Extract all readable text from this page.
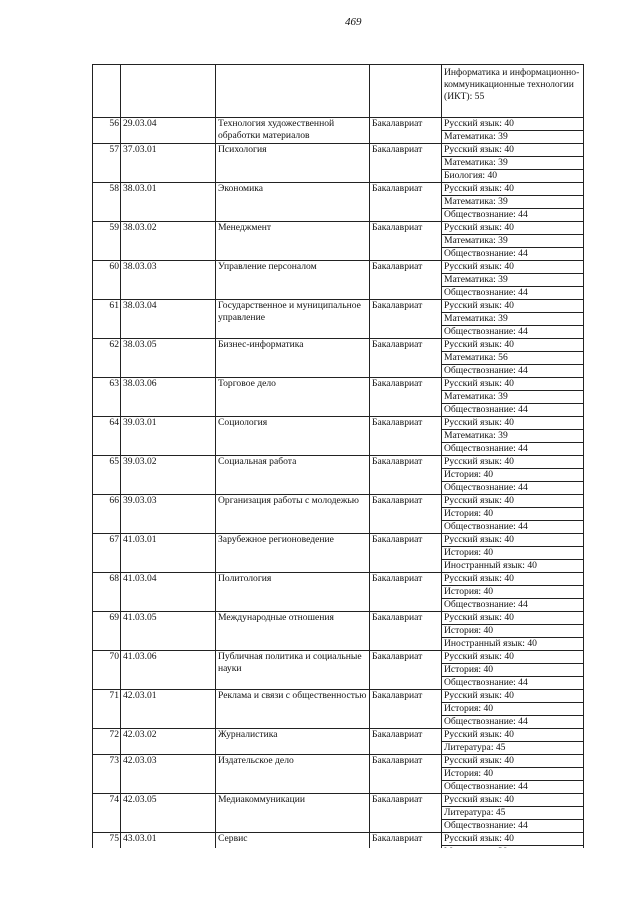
469
				Информатика и информационно-коммуникационные технологии (ИКТ): 55
56	29.03.04	Технология художественной обработки материалов	Бакалавриат	Русский язык: 40
				Математика: 39
57	37.03.01	Психология	Бакалавриат	Русский язык: 40
				Математика: 39
				Биология: 40
58	38.03.01	Экономика	Бакалавриат	Русский язык: 40
				Математика: 39
				Обществознание: 44
59	38.03.02	Менеджмент	Бакалавриат	Русский язык: 40
				Математика: 39
				Обществознание: 44
60	38.03.03	Управление персоналом	Бакалавриат	Русский язык: 40
				Математика: 39
				Обществознание: 44
61	38.03.04	Государственное и муниципальное управление	Бакалавриат	Русский язык: 40
				Математика: 39
				Обществознание: 44
62	38.03.05	Бизнес-информатика	Бакалавриат	Русский язык: 40
				Математика: 56
				Обществознание: 44
63	38.03.06	Торговое дело	Бакалавриат	Русский язык: 40
				Математика: 39
				Обществознание: 44
64	39.03.01	Социология	Бакалавриат	Русский язык: 40
				Математика: 39
				Обществознание: 44
65	39.03.02	Социальная работа	Бакалавриат	Русский язык: 40
				История: 40
				Обществознание: 44
66	39.03.03	Организация работы с молодежью	Бакалавриат	Русский язык: 40
				История: 40
				Обществознание: 44
67	41.03.01	Зарубежное регионоведение	Бакалавриат	Русский язык: 40
				История: 40
				Иностранный язык: 40
68	41.03.04	Политология	Бакалавриат	Русский язык: 40
				История: 40
				Обществознание: 44
69	41.03.05	Международные отношения	Бакалавриат	Русский язык: 40
				История: 40
				Иностранный язык: 40
70	41.03.06	Публичная политика и социальные науки	Бакалавриат	Русский язык: 40
				История: 40
				Обществознание: 44
71	42.03.01	Реклама и связи с общественностью	Бакалавриат	Русский язык: 40
				История: 40
				Обществознание: 44
72	42.03.02	Журналистика	Бакалавриат	Русский язык: 40
				Литература: 45
73	42.03.03	Издательское дело	Бакалавриат	Русский язык: 40
				История: 40
				Обществознание: 44
74	42.03.05	Медиакоммуникации	Бакалавриат	Русский язык: 40
				Литература: 45
				Обществознание: 44
75	43.03.01	Сервис	Бакалавриат	Русский язык: 40
